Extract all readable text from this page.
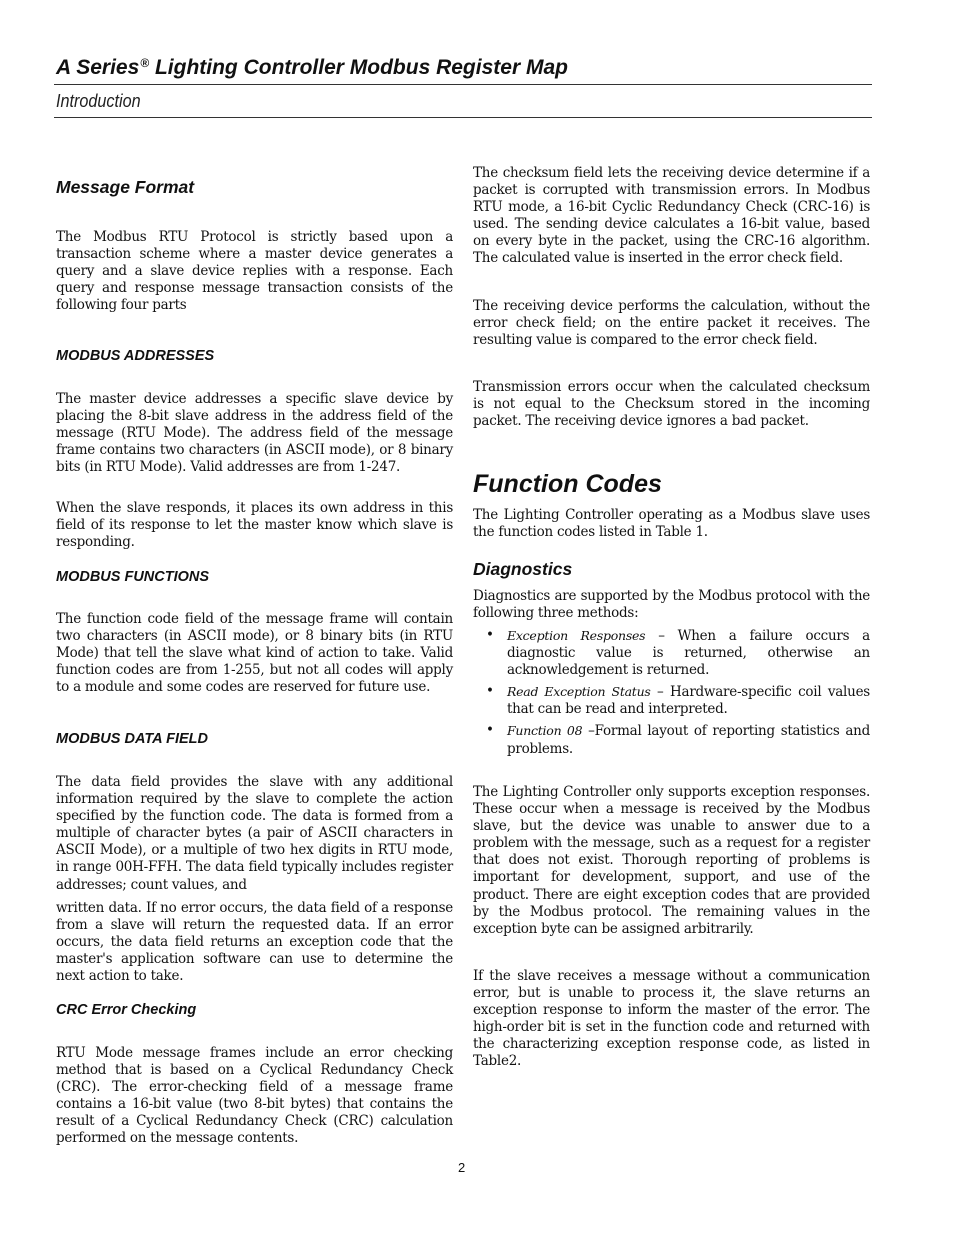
A Series® Lighting Controller Modbus Register Map
Introduction
Message Format

The Modbus RTU Protocol is strictly based upon a transaction scheme where a master device generates a query and a slave device replies with a response. Each query and response message transaction consists of the following four parts

MODBUS ADDRESSES

The master device addresses a specific slave device by placing the 8-bit slave address in the address field of the message (RTU Mode). The address field of the message frame contains two characters (in ASCII mode), or 8 binary bits (in RTU Mode). Valid addresses are from 1-247.

When the slave responds, it places its own address in this field of its response to let the master know which slave is responding.

MODBUS FUNCTIONS

The function code field of the message frame will contain two characters (in ASCII mode), or 8 binary bits (in RTU Mode) that tell the slave what kind of action to take. Valid function codes are from 1-255, but not all codes will apply to a module and some codes are reserved for future use.

MODBUS DATA FIELD

The data field provides the slave with any additional information required by the slave to complete the action specified by the function code. The data is formed from a multiple of character bytes (a pair of ASCII characters in ASCII Mode), or a multiple of two hex digits in RTU mode, in range 00H-FFH. The data field typically includes register addresses; count values, and

written data. If no error occurs, the data field of a response from a slave will return the requested data. If an error occurs, the data field returns an exception code that the master's application software can use to determine the next action to take.

CRC Error Checking

RTU Mode message frames include an error checking method that is based on a Cyclical Redundancy Check (CRC). The error-checking field of a message frame contains a 16-bit value (two 8-bit bytes) that contains the result of a Cyclical Redundancy Check (CRC) calculation performed on the message contents.

The checksum field lets the receiving device determine if a packet is corrupted with transmission errors. In Modbus RTU mode, a 16-bit Cyclic Redundancy Check (CRC-16) is used. The sending device calculates a 16-bit value, based on every byte in the packet, using the CRC-16 algorithm. The calculated value is inserted in the error check field.

The receiving device performs the calculation, without the error check field; on the entire packet it receives. The resulting value is compared to the error check field.

Transmission errors occur when the calculated checksum is not equal to the Checksum stored in the incoming packet. The receiving device ignores a bad packet.

Function Codes

The Lighting Controller operating as a Modbus slave uses the function codes listed in Table 1.

Diagnostics

Diagnostics are supported by the Modbus protocol with the following three methods:

• Exception Responses – When a failure occurs a diagnostic value is returned, otherwise an acknowledgement is returned.
• Read Exception Status – Hardware-specific coil values that can be read and interpreted.
• Function 08 –Formal layout of reporting statistics and problems.

The Lighting Controller only supports exception responses. These occur when a message is received by the Modbus slave, but the device was unable to answer due to a problem with the message, such as a request for a register that does not exist. Thorough reporting of problems is important for development, support, and use of the product. There are eight exception codes that are provided by the Modbus protocol. The remaining values in the exception byte can be assigned arbitrarily.

If the slave receives a message without a communication error, but is unable to process it, the slave returns an exception response to inform the master of the error. The high-order bit is set in the function code and returned with the characterizing exception response code, as listed in Table2.

2
